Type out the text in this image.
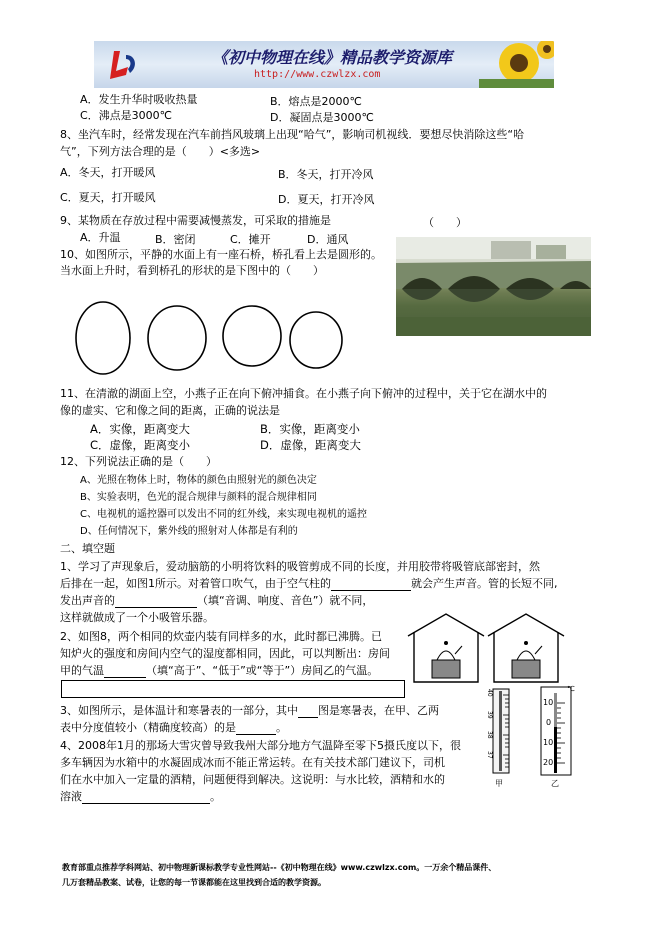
《初中物理在线》精品教学资源库
http://www.czwlzx.com
A．发生升华时吸收热量	B．熔点是2000℃
C．沸点是3000℃	D．凝固点是3000℃
8、坐汽车时，经常发现在汽车前挡风玻璃上出现“哈气”，影响司机视线．要想尽快消除这些“哈
气”，下列方法合理的是（　　）<多选>
A．冬天，打开暖风	B．冬天，打开冷风
C．夏天，打开暖风	D．夏天，打开冷风
9、某物质在存放过程中需要减慢蒸发，可采取的措施是	（　　）
A．升温	B．密闭	C．摊开	D．通风
10、如图所示，平静的水面上有一座石桥，桥孔看上去是圆形的。
当水面上升时，看到桥孔的形状的是下图中的（　　）
11、在清澈的湖面上空，小燕子正在向下俯冲捕食。在小燕子向下俯冲的过程中，关于它在湖水中的
像的虚实、它和像之间的距离，正确的说法是
A．实像，距离变大	B．实像，距离变小
C．虚像，距离变小	D．虚像，距离变大
12、下列说法正确的是（　　）
A、光照在物体上时，物体的颜色由照射光的颜色决定
B、实验表明，色光的混合规律与颜料的混合规律相同
C、电视机的遥控器可以发出不同的红外线，来实现电视机的遥控
D、任何情况下，紫外线的照射对人体都是有利的
二、填空题
1、学习了声现象后，爱动脑筋的小明将饮料的吸管剪成不同的长度，并用胶带将吸管底部密封，然
后排在一起，如图1所示。对着管口吹气，由于空气柱的	就会产生声音。管的长短不同,
发出声音的	（填“音调、响度、音色”）就不同，
这样就做成了一个小吸管乐器。
2、如图8，两个相同的炊壶内装有同样多的水，此时都已沸腾。已
知炉火的强度和房间内空气的湿度都相同，因此，可以判断出：房间
甲的气温	（填“高于”、“低于”或“等于”）房间乙的气温。
3、如图所示，是体温计和寒暑表的一部分，其中 图是寒暑表，在甲、乙两
表中分度值较小（精确度较高）的是	。
4、2008年1月的那场大雪灾曾导致我州大部分地方气温降至零下5摄氏度以下，很
多车辆因为水箱中的水凝固成冰而不能正常运转。在有关技术部门建议下，司机
们在水中加入一定量的酒精，问题便得到解决。这说明：与水比较，酒精和水的
溶液	。
40
39
38
37
℃
10
0
10
20
甲	乙
教育部重点推荐学科网站、初中物理新课标教学专业性网站--《初中物理在线》www.czwlzx.com。一万余个精品课件、
几万套精品教案、试卷，让您的每一节课都能在这里找到合适的教学资源。
